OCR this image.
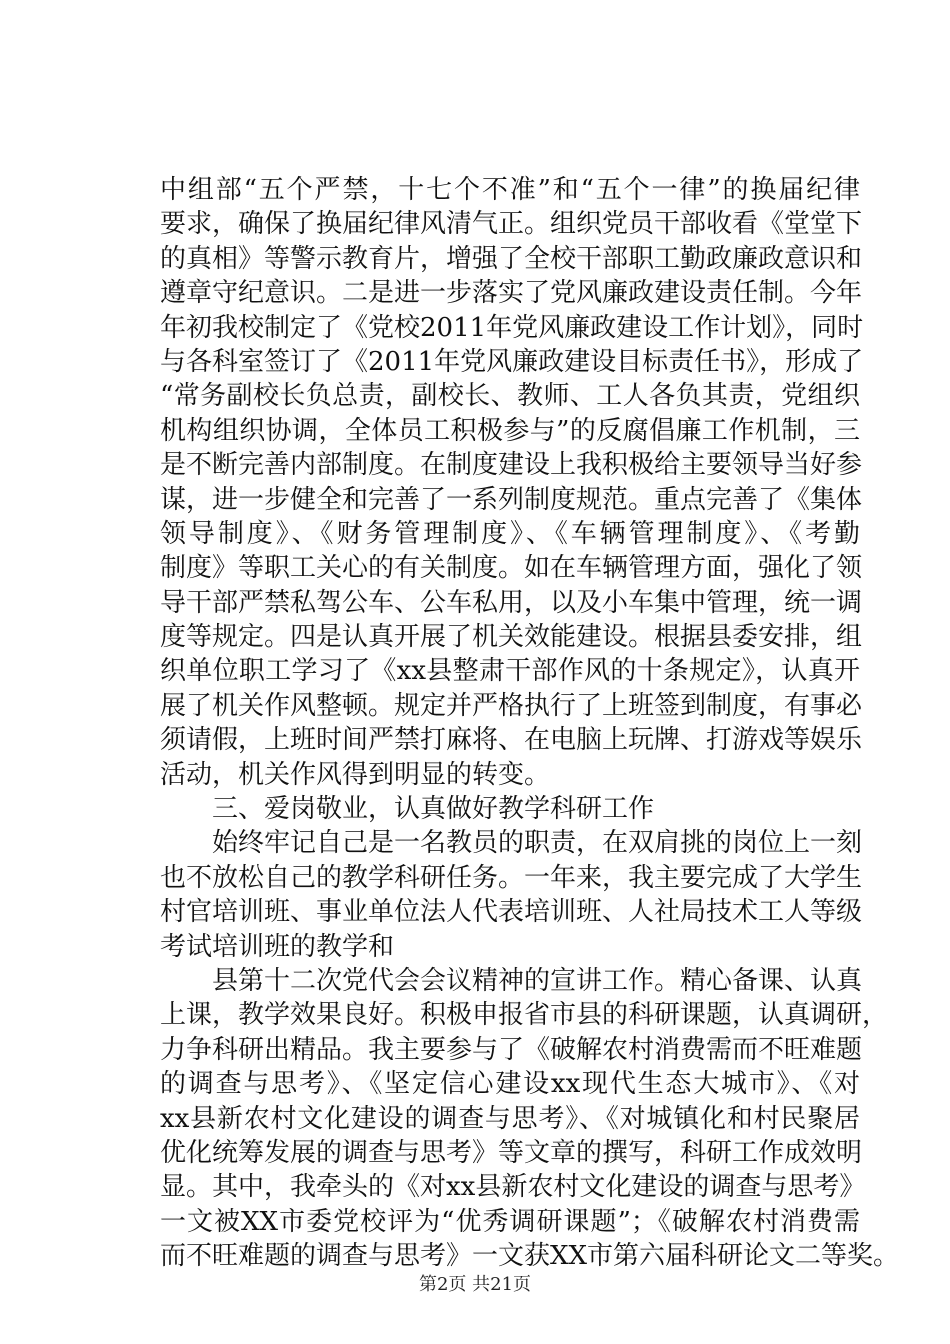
中组部“五个严禁，十七个不准”和“五个一律”的换届纪律
要求，确保了换届纪律风清气正。组织党员干部收看《堂堂下
的真相》等警示教育片，增强了全校干部职工勤政廉政意识和
遵章守纪意识。二是进一步落实了党风廉政建设责任制。今年
年初我校制定了《党校2011年党风廉政建设工作计划》，同时
与各科室签订了《2011年党风廉政建设目标责任书》，形成了
“常务副校长负总责，副校长、教师、工人各负其责，党组织
机构组织协调，全体员工积极参与”的反腐倡廉工作机制，三
是不断完善内部制度。在制度建设上我积极给主要领导当好参
谋，进一步健全和完善了一系列制度规范。重点完善了《集体
领导制度》、《财务管理制度》、《车辆管理制度》、《考勤
制度》等职工关心的有关制度。如在车辆管理方面，强化了领
导干部严禁私驾公车、公车私用，以及小车集中管理，统一调
度等规定。四是认真开展了机关效能建设。根据县委安排，组
织单位职工学习了《xx县整肃干部作风的十条规定》，认真开
展了机关作风整顿。规定并严格执行了上班签到制度，有事必
须请假，上班时间严禁打麻将、在电脑上玩牌、打游戏等娱乐
活动，机关作风得到明显的转变。
　　三、爱岗敬业，认真做好教学科研工作
　　始终牢记自己是一名教员的职责，在双肩挑的岗位上一刻
也不放松自己的教学科研任务。一年来，我主要完成了大学生
村官培训班、事业单位法人代表培训班、人社局技术工人等级
考试培训班的教学和
　　县第十二次党代会会议精神的宣讲工作。精心备课、认真
上课，教学效果良好。积极申报省市县的科研课题，认真调研，
力争科研出精品。我主要参与了《破解农村消费需而不旺难题
的调查与思考》、《坚定信心建设xx现代生态大城市》、《对
xx县新农村文化建设的调查与思考》、《对城镇化和村民聚居
优化统筹发展的调查与思考》等文章的撰写，科研工作成效明
显。其中，我牵头的《对xx县新农村文化建设的调查与思考》
一文被XX市委党校评为“优秀调研课题”；《破解农村消费需
而不旺难题的调查与思考》一文获XX市第六届科研论文二等奖。
第2页 共21页
